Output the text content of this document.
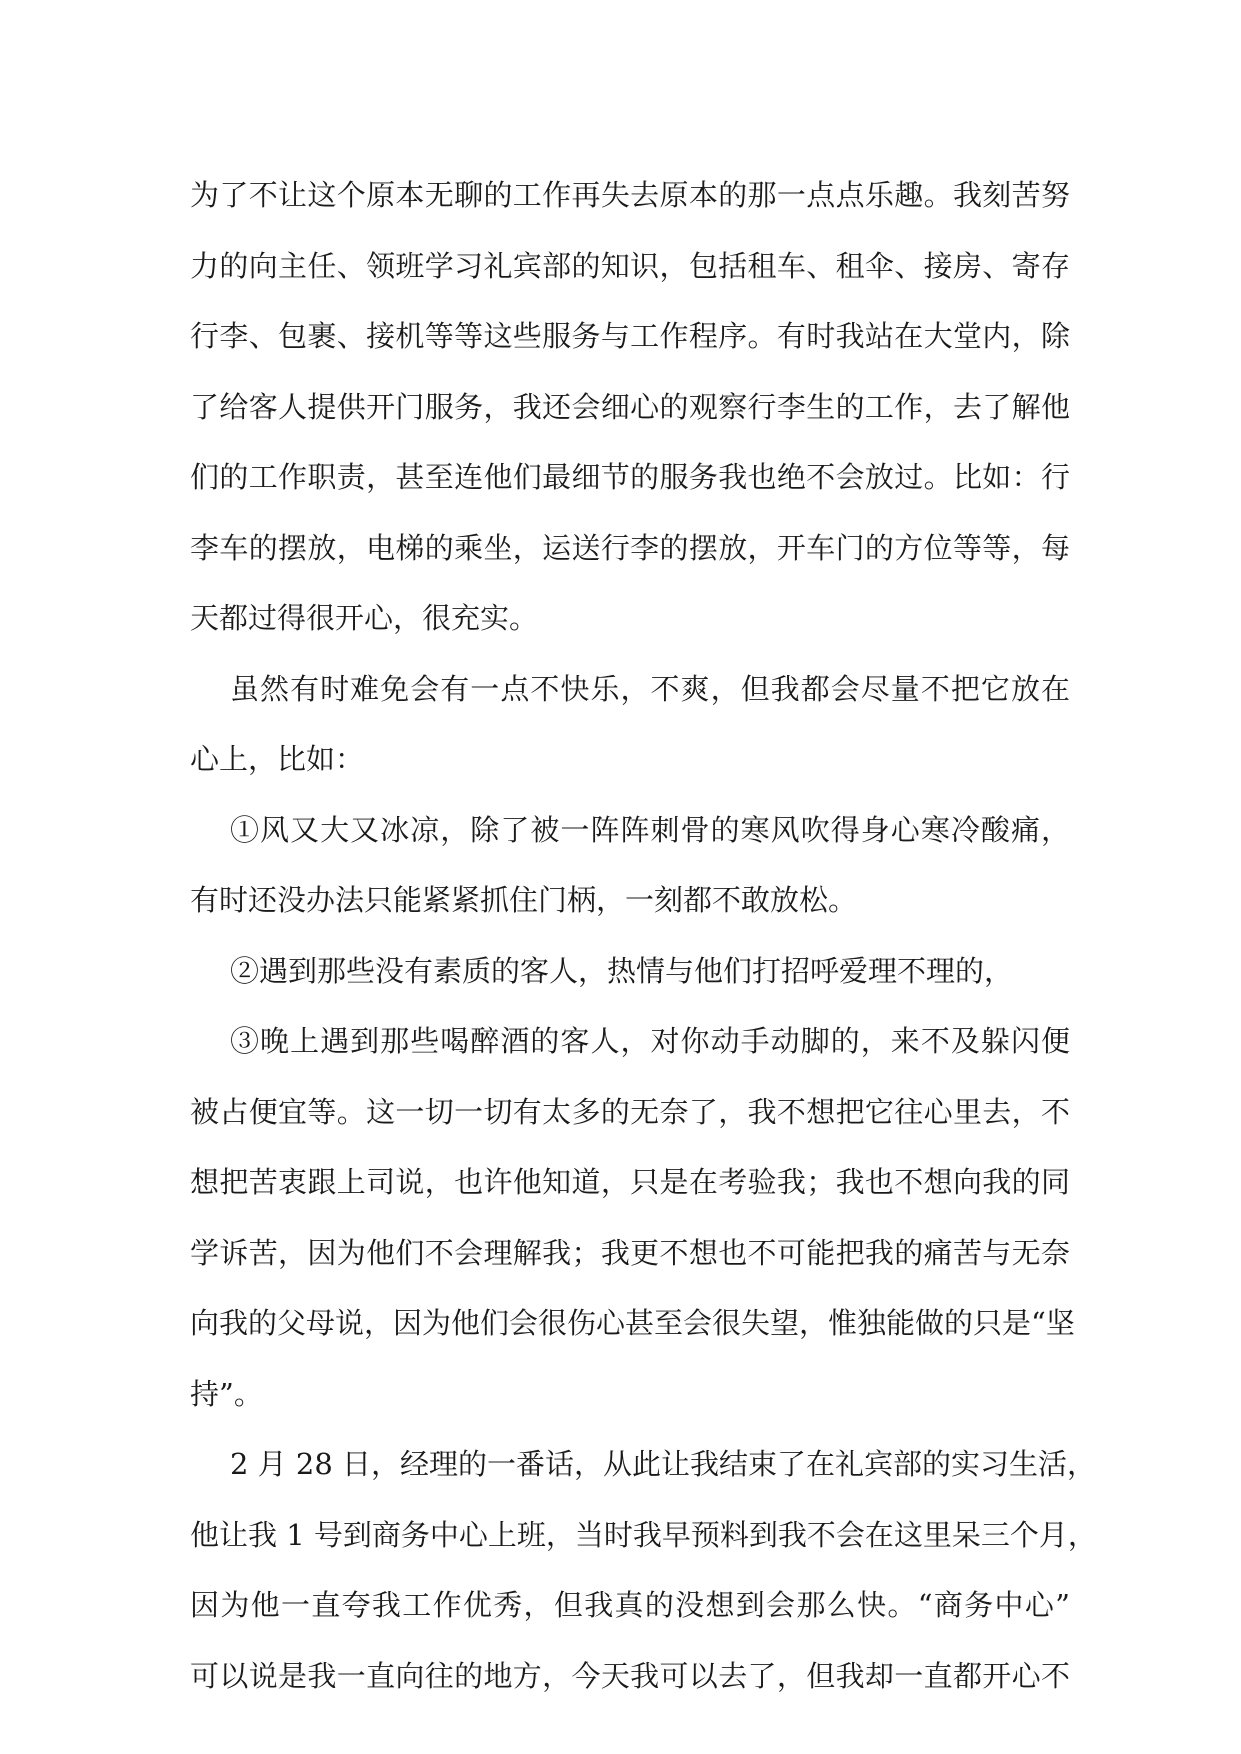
为了不让这个原本无聊的工作再失去原本的那一点点乐趣。我刻苦努
力的向主任、领班学习礼宾部的知识，包括租车、租伞、接房、寄存
行李、包裹、接机等等这些服务与工作程序。有时我站在大堂内，除
了给客人提供开门服务，我还会细心的观察行李生的工作，去了解他
们的工作职责，甚至连他们最细节的服务我也绝不会放过。比如：行
李车的摆放，电梯的乘坐，运送行李的摆放，开车门的方位等等，每
天都过得很开心，很充实。
虽然有时难免会有一点不快乐，不爽，但我都会尽量不把它放在
心上，比如：
①风又大又冰凉，除了被一阵阵刺骨的寒风吹得身心寒冷酸痛，
有时还没办法只能紧紧抓住门柄，一刻都不敢放松。
②遇到那些没有素质的客人，热情与他们打招呼爱理不理的，
③晚上遇到那些喝醉酒的客人，对你动手动脚的，来不及躲闪便
被占便宜等。这一切一切有太多的无奈了，我不想把它往心里去，不
想把苦衷跟上司说，也许他知道，只是在考验我；我也不想向我的同
学诉苦，因为他们不会理解我；我更不想也不可能把我的痛苦与无奈
向我的父母说，因为他们会很伤心甚至会很失望，惟独能做的只是“坚
持”。
2 月 28 日，经理的一番话，从此让我结束了在礼宾部的实习生活，
他让我 1 号到商务中心上班，当时我早预料到我不会在这里呆三个月，
因为他一直夸我工作优秀，但我真的没想到会那么快。“商务中心”
可以说是我一直向往的地方，今天我可以去了，但我却一直都开心不
